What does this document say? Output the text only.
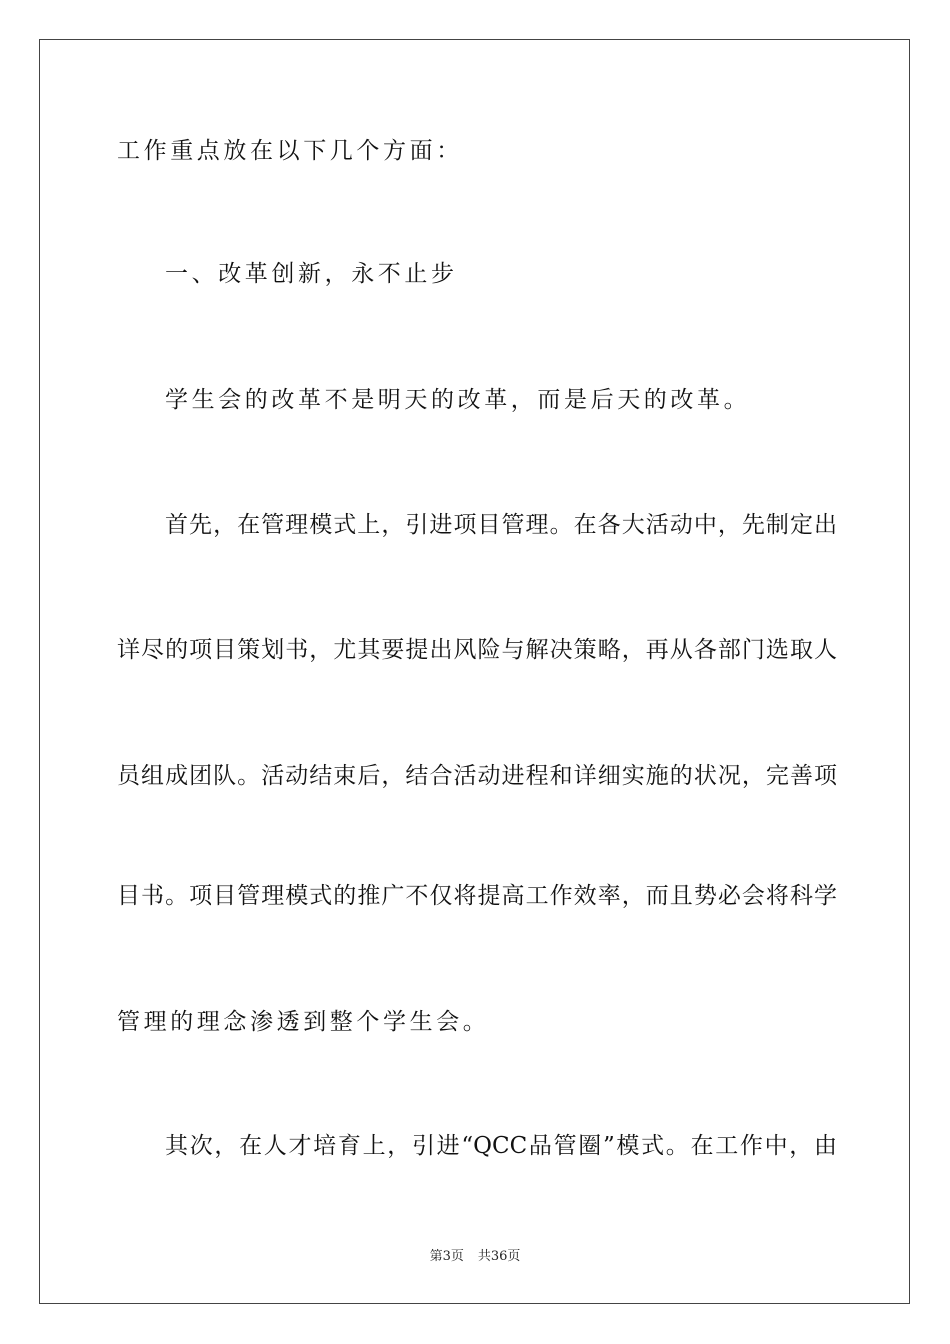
工作重点放在以下几个方面：
一、改革创新，永不止步
学生会的改革不是明天的改革，而是后天的改革。
首先，在管理模式上，引进项目管理。在各大活动中，先制定出
详尽的项目策划书，尤其要提出风险与解决策略，再从各部门选取人
员组成团队。活动结束后，结合活动进程和详细实施的状况，完善项
目书。项目管理模式的推广不仅将提高工作效率，而且势必会将科学
管理的理念渗透到整个学生会。
其次，在人才培育上，引进“QCC品管圈”模式。在工作中，由
第3页 共36页
